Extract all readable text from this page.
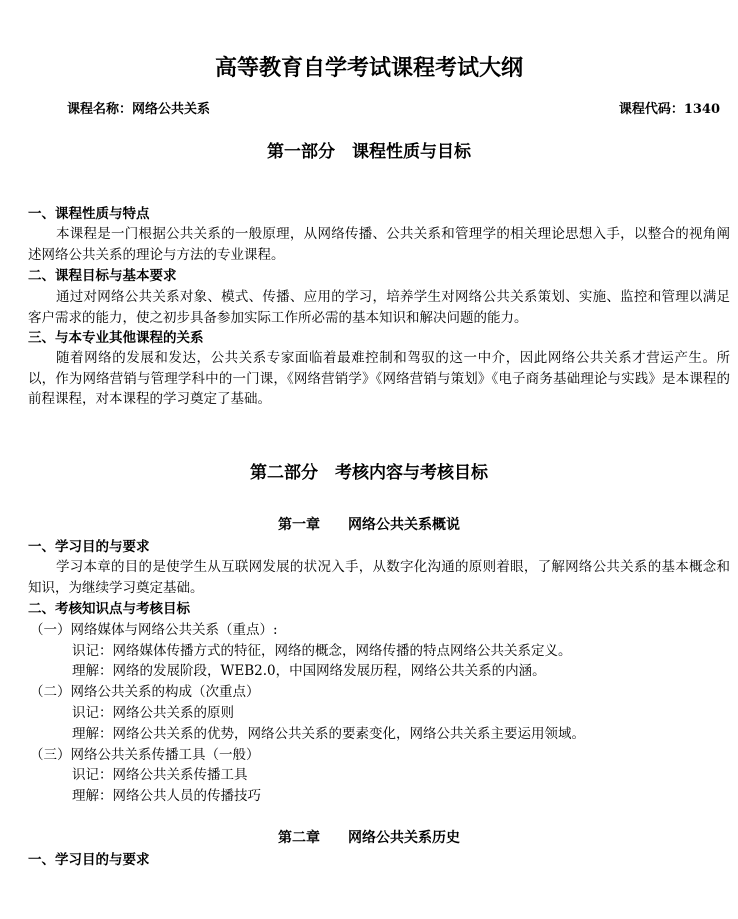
高等教育自学考试课程考试大纲
课程名称：网络公共关系	课程代码：1340
第一部分　课程性质与目标
一、课程性质与特点
本课程是一门根据公共关系的一般原理，从网络传播、公共关系和管理学的相关理论思想入手，以整合的视角阐述网络公共关系的理论与方法的专业课程。
二、课程目标与基本要求
通过对网络公共关系对象、模式、传播、应用的学习，培养学生对网络公共关系策划、实施、监控和管理以满足客户需求的能力，使之初步具备参加实际工作所必需的基本知识和解决问题的能力。
三、与本专业其他课程的关系
随着网络的发展和发达，公共关系专家面临着最难控制和驾驭的这一中介，因此网络公共关系才营运产生。所以，作为网络营销与管理学科中的一门课，《网络营销学》《网络营销与策划》《电子商务基础理论与实践》是本课程的前程课程，对本课程的学习奠定了基础。
第二部分　考核内容与考核目标
第一章　　网络公共关系概说
一、学习目的与要求
学习本章的目的是使学生从互联网发展的状况入手，从数字化沟通的原则着眼，了解网络公共关系的基本概念和知识，为继续学习奠定基础。
二、考核知识点与考核目标
（一）网络媒体与网络公共关系（重点）:
识记：网络媒体传播方式的特征，网络的概念，网络传播的特点网络公共关系定义。
理解：网络的发展阶段，WEB2.0，中国网络发展历程，网络公共关系的内涵。
（二）网络公共关系的构成（次重点）
识记：网络公共关系的原则
理解：网络公共关系的优势，网络公共关系的要素变化，网络公共关系主要运用领域。
（三）网络公共关系传播工具（一般）
识记：网络公共关系传播工具
理解：网络公共人员的传播技巧
第二章　　网络公共关系历史
一、学习目的与要求
